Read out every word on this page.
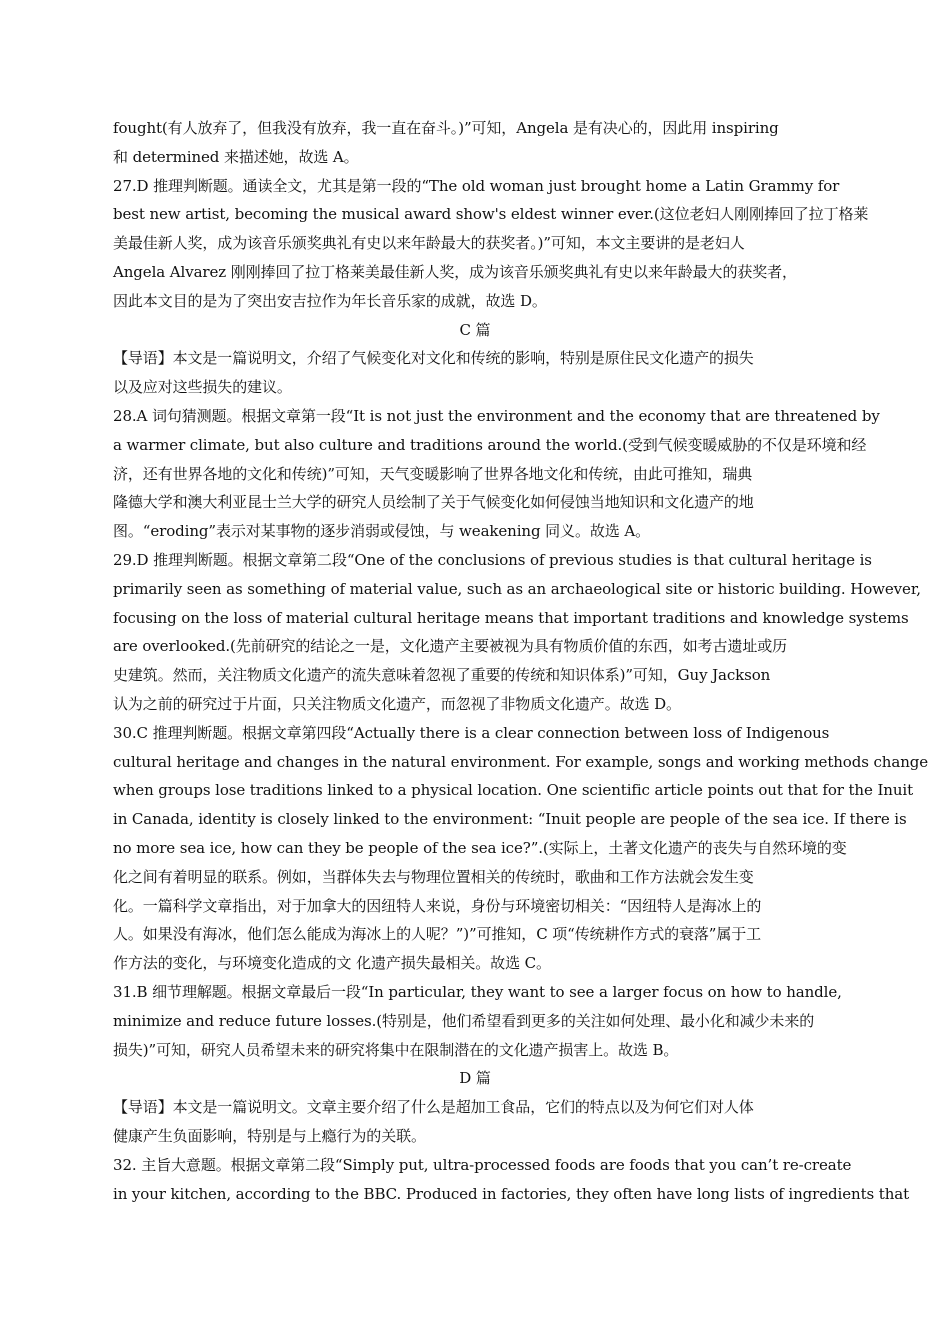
fought(有人放弃了，但我没有放弃，我一直在奋斗。)”可知，Angela 是有决心的，因此用 inspiring
和 determined 来描述她，故选 A。
27.D 推理判断题。通读全文，尤其是第一段的“The old woman just brought home a Latin Grammy for
best new artist, becoming the musical award show's eldest winner ever.(这位老妇人刚刚捧回了拉丁格莱
美最佳新人奖，成为该音乐颁奖典礼有史以来年龄最大的获奖者。)”可知，本文主要讲的是老妇人
Angela Alvarez 刚刚捧回了拉丁格莱美最佳新人奖，成为该音乐颁奖典礼有史以来年龄最大的获奖者，
因此本文目的是为了突出安吉拉作为年长音乐家的成就，故选 D。
C 篇
【导语】本文是一篇说明文，介绍了气候变化对文化和传统的影响，特别是原住民文化遗产的损失
以及应对这些损失的建议。
28.A 词句猜测题。根据文章第一段“It is not just the environment and the economy that are threatened by
a warmer climate, but also culture and traditions around the world.(受到气候变暖威胁的不仅是环境和经
济，还有世界各地的文化和传统)”可知，天气变暖影响了世界各地文化和传统，由此可推知，瑞典
隆德大学和澳大利亚昆士兰大学的研究人员绘制了关于气候变化如何侵蚀当地知识和文化遗产的地
图。“eroding”表示对某事物的逐步消弱或侵蚀，与 weakening 同义。故选 A。
29.D 推理判断题。根据文章第二段“One of the conclusions of previous studies is that cultural heritage is
primarily seen as something of material value, such as an archaeological site or historic building. However,
focusing on the loss of material cultural heritage means that important traditions and knowledge systems
are overlooked.(先前研究的结论之一是，文化遗产主要被视为具有物质价值的东西，如考古遗址或历
史建筑。然而，关注物质文化遗产的流失意味着忽视了重要的传统和知识体系)”可知，Guy Jackson
认为之前的研究过于片面，只关注物质文化遗产，而忽视了非物质文化遗产。故选 D。
30.C 推理判断题。根据文章第四段“Actually there is a clear connection between loss of Indigenous
cultural heritage and changes in the natural environment. For example, songs and working methods change
when groups lose traditions linked to a physical location. One scientific article points out that for the Inuit
in Canada, identity is closely linked to the environment: “Inuit people are people of the sea ice. If there is
no more sea ice, how can they be people of the sea ice?”.(实际上，土著文化遗产的丧失与自然环境的变
化之间有着明显的联系。例如，当群体失去与物理位置相关的传统时，歌曲和工作方法就会发生变
化。一篇科学文章指出，对于加拿大的因纽特人来说，身份与环境密切相关：“因纽特人是海冰上的
人。如果没有海冰，他们怎么能成为海冰上的人呢？”)”可推知，C 项“传统耕作方式的衰落”属于工
作方法的变化，与环境变化造成的文 化遗产损失最相关。故选 C。
31.B 细节理解题。根据文章最后一段“In particular, they want to see a larger focus on how to handle,
minimize and reduce future losses.(特别是，他们希望看到更多的关注如何处理、最小化和减少未来的
损失)”可知，研究人员希望未来的研究将集中在限制潜在的文化遗产损害上。故选 B。
D 篇
【导语】本文是一篇说明文。文章主要介绍了什么是超加工食品，它们的特点以及为何它们对人体
健康产生负面影响，特别是与上瘾行为的关联。
32. 主旨大意题。根据文章第二段“Simply put, ultra-processed foods are foods that you can’t re-create
in your kitchen, according to the BBC. Produced in factories, they often have long lists of ingredients that
